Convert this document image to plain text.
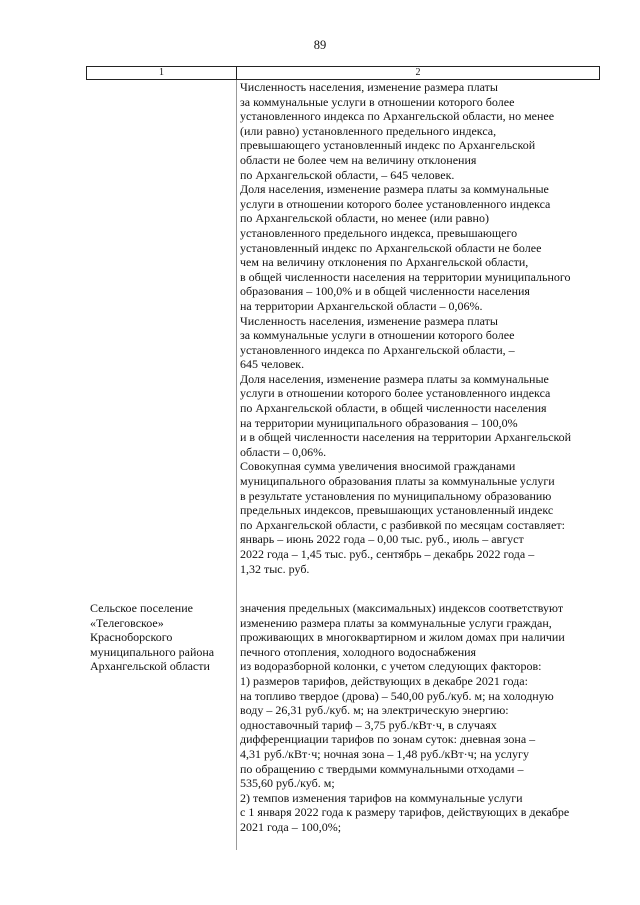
89
1	2
Численность населения, изменение размера платы
за коммунальные услуги в отношении которого более
установленного индекса по Архангельской области, но менее
(или равно) установленного предельного индекса,
превышающего установленный индекс по Архангельской
области не более чем на величину отклонения
по Архангельской области, – 645 человек.
Доля населения, изменение размера платы за коммунальные
услуги в отношении которого более установленного индекса
по Архангельской области, но менее (или равно)
установленного предельного индекса, превышающего
установленный индекс по Архангельской области не более
чем на величину отклонения по Архангельской области,
в общей численности населения на территории муниципального
образования – 100,0% и в общей численности населения
на территории Архангельской области – 0,06%.
Численность населения, изменение размера платы
за коммунальные услуги в отношении которого более
установленного индекса по Архангельской области, –
645 человек.
Доля населения, изменение размера платы за коммунальные
услуги в отношении которого более установленного индекса
по Архангельской области, в общей численности населения
на территории муниципального образования – 100,0%
и в общей численности населения на территории Архангельской
области – 0,06%.
Совокупная сумма увеличения вносимой гражданами
муниципального образования платы за коммунальные услуги
в результате установления по муниципальному образованию
предельных индексов, превышающих установленный индекс
по Архангельской области, с разбивкой по месяцам составляет:
январь – июнь 2022 года – 0,00 тыс. руб., июль – август
2022 года – 1,45 тыс. руб., сентябрь – декабрь 2022 года –
1,32 тыс. руб.
Сельское поселение
«Телеговское»
Красноборского
муниципального района
Архангельской области
значения предельных (максимальных) индексов соответствуют
изменению размера платы за коммунальные услуги граждан,
проживающих в многоквартирном и жилом домах при наличии
печного отопления, холодного водоснабжения
из водоразборной колонки, с учетом следующих факторов:
1) размеров тарифов, действующих в декабре 2021 года:
на топливо твердое (дрова) – 540,00 руб./куб. м; на холодную
воду – 26,31 руб./куб. м; на электрическую энергию:
одноставочный тариф – 3,75 руб./кВт·ч, в случаях
дифференциации тарифов по зонам суток: дневная зона –
4,31 руб./кВт·ч; ночная зона – 1,48 руб./кВт·ч; на услугу
по обращению с твердыми коммунальными отходами –
535,60 руб./куб. м;
2) темпов изменения тарифов на коммунальные услуги
с 1 января 2022 года к размеру тарифов, действующих в декабре
2021 года – 100,0%;
